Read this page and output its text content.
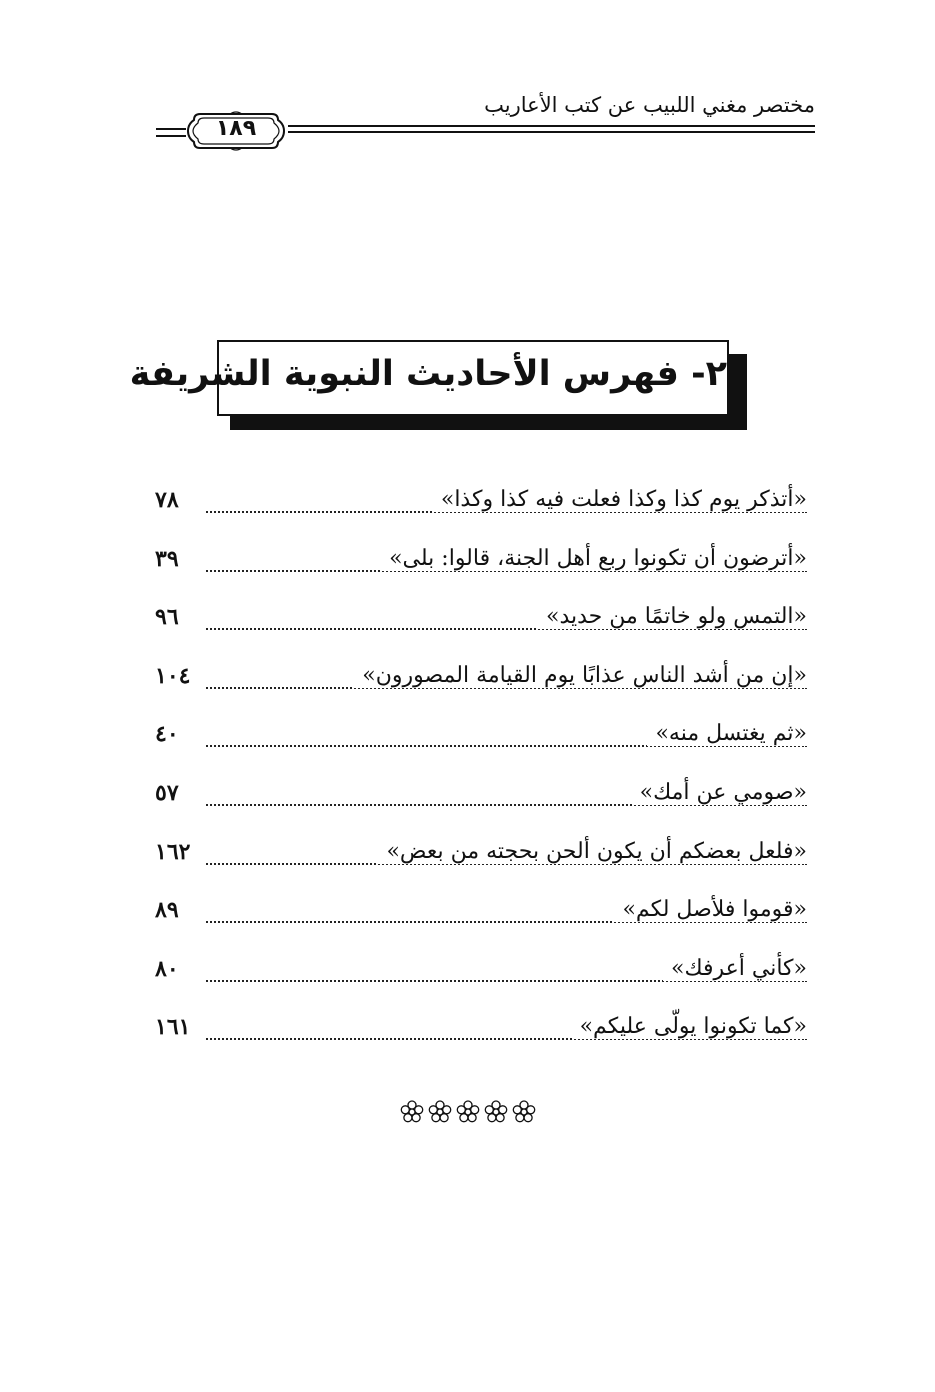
مختصر مغني اللبيب عن كتب الأعاريب
١٨٩
٢- فهرس الأحاديث النبوية الشريفة
«أتذكر يوم كذا وكذا فعلت فيه كذا وكذا»
٧٨
«أترضون أن تكونوا ربع أهل الجنة، قالوا: بلى»
٣٩
«التمس ولو خاتمًا من حديد»
٩٦
«إن من أشد الناس عذابًا يوم القيامة المصورون»
١٠٤
«ثم يغتسل منه»
٤٠
«صومي عن أمك»
٥٧
«فلعل بعضكم أن يكون ألحن بحجته من بعض»
١٦٢
«قوموا فلأصل لكم»
٨٩
«كأني أعرفك»
٨٠
«كما تكونوا يولّى عليكم»
١٦١
